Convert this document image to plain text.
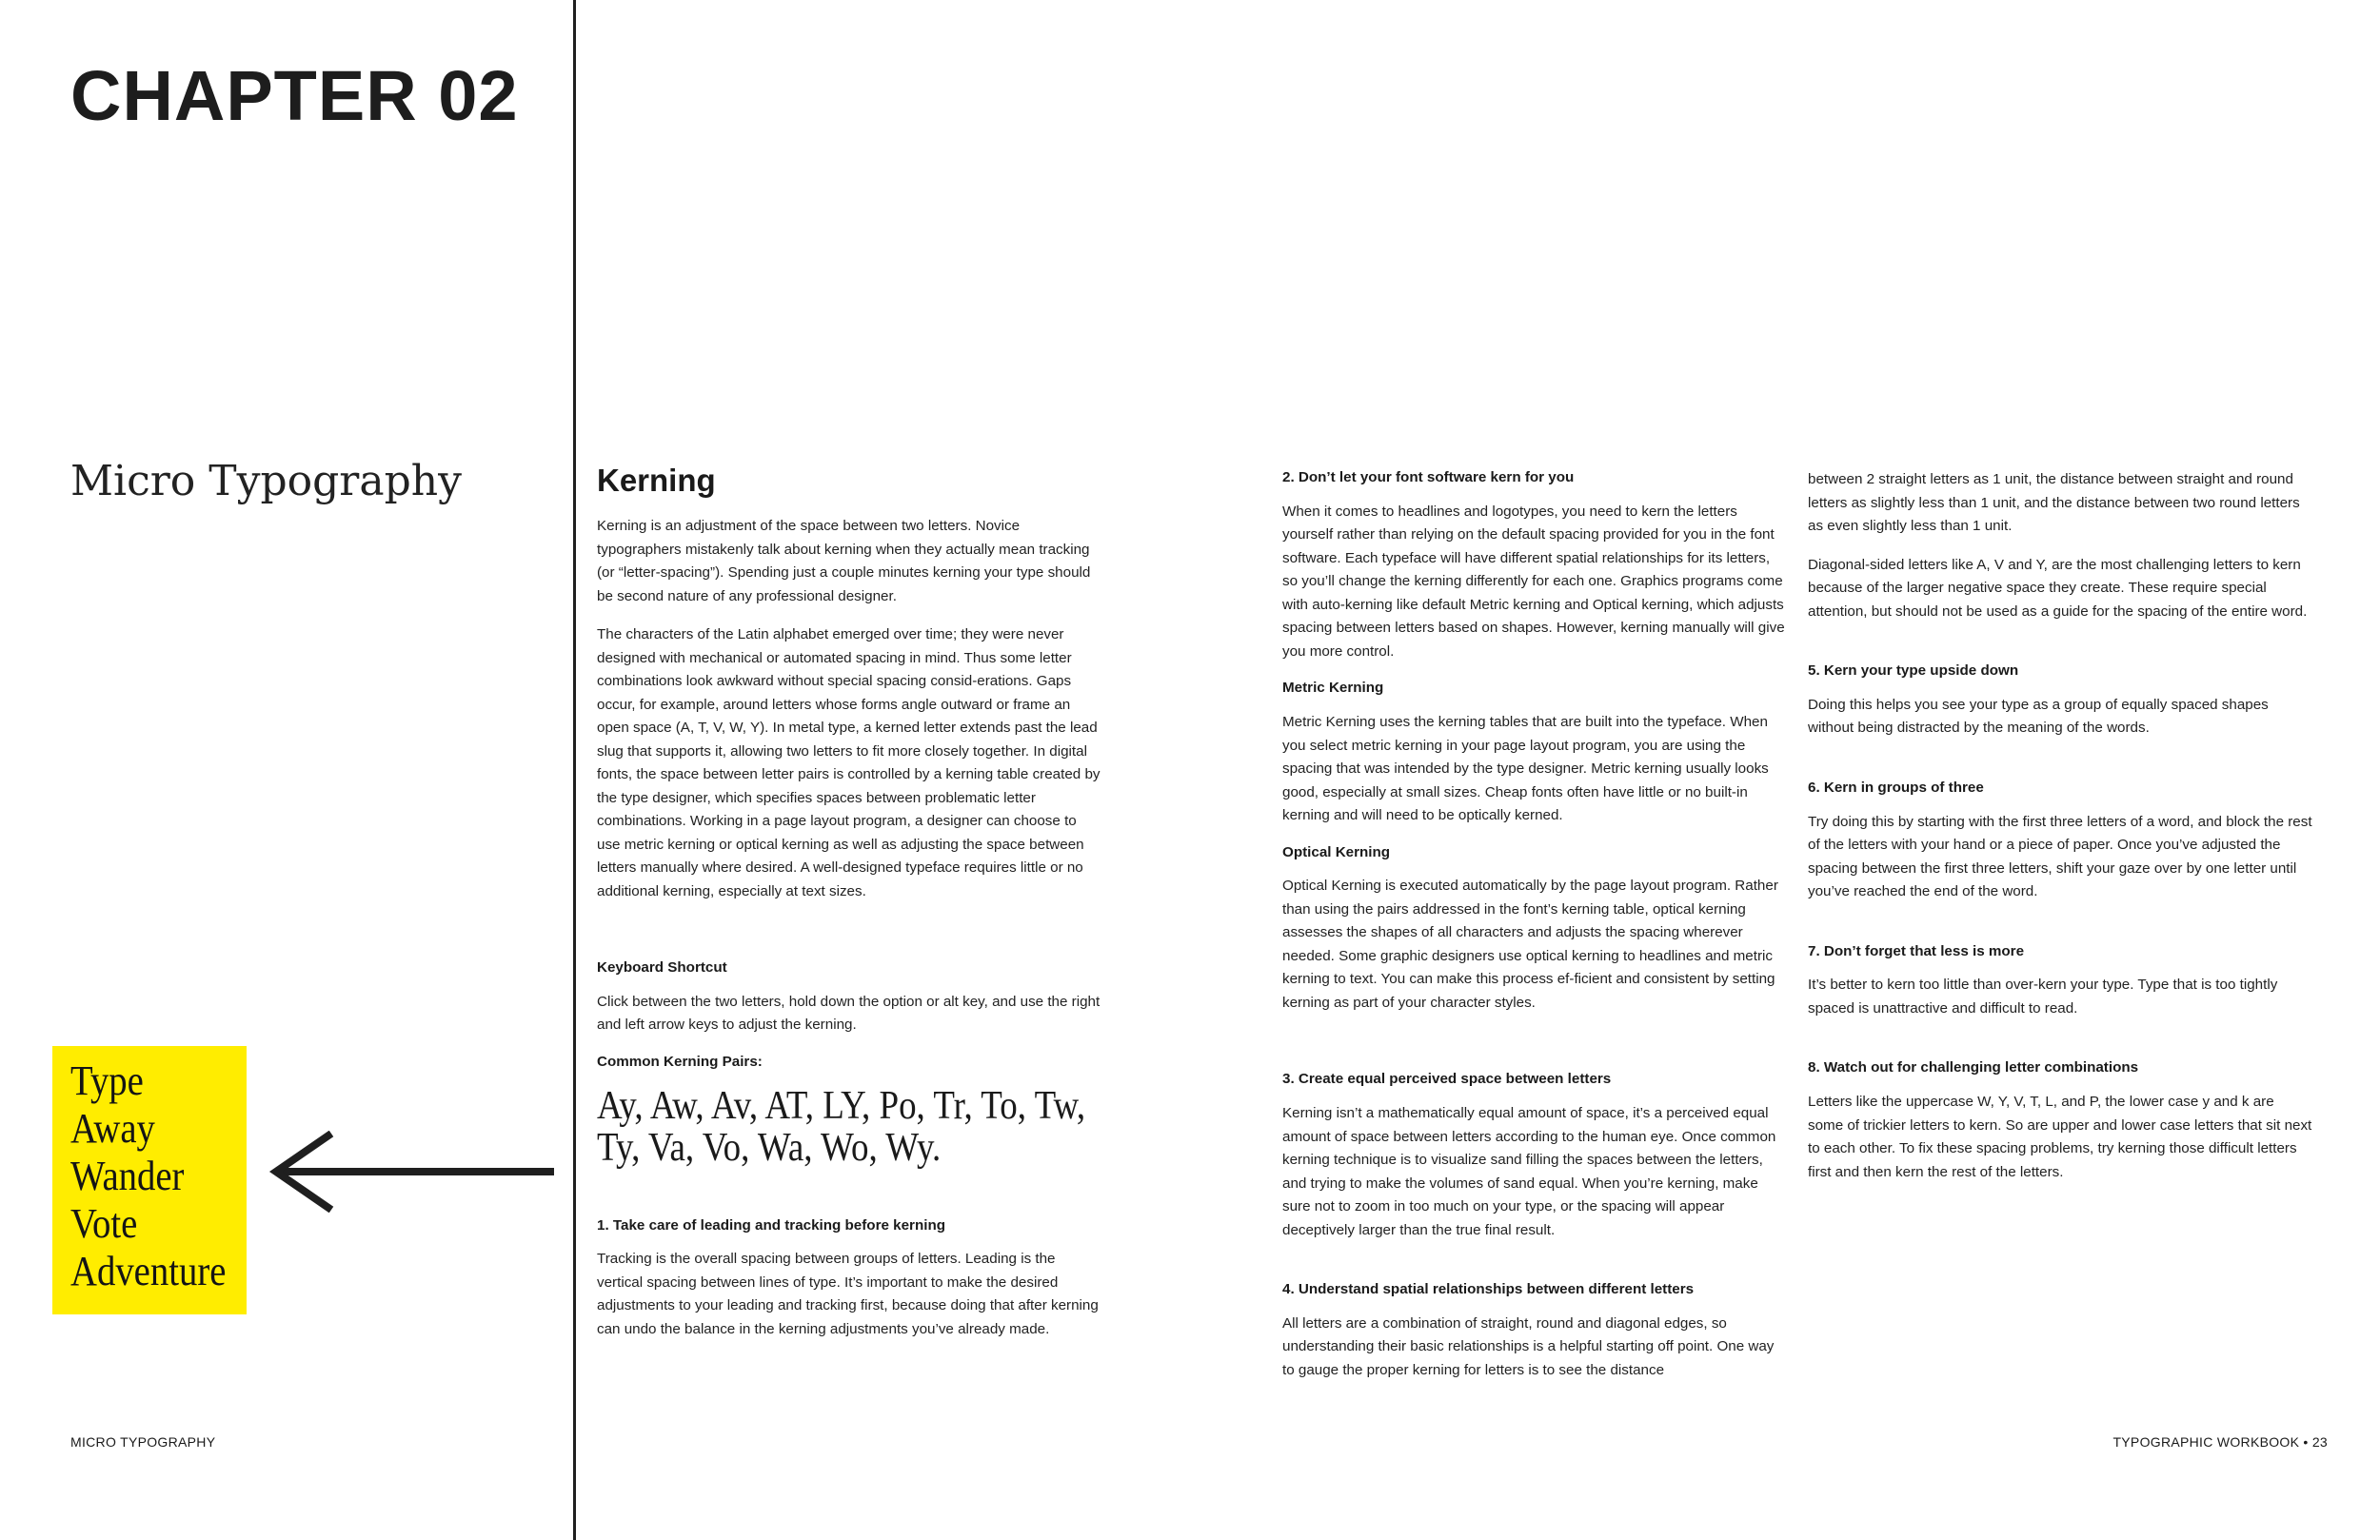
CHAPTER 02
Micro Typography
Type
Away
Wander
Vote
Adventure
MICRO TYPOGRAPHY	TYPOGRAPHIC WORKBOOK • 23
Kerning

Kerning is an adjustment of the space between two letters. Novice typographers mistakenly talk about kerning when they actually mean tracking (or “letter-spacing”). Spending just a couple minutes kerning your type should be second nature of any professional designer.

The characters of the Latin alphabet emerged over time; they were never designed with mechanical or automated spacing in mind. Thus some letter combinations look awkward without special spacing consid-erations. Gaps occur, for example, around letters whose forms angle outward or frame an open space (A, T, V, W, Y). In metal type, a kerned letter extends past the lead slug that supports it, allowing two letters to fit more closely together. In digital fonts, the space between letter pairs is controlled by a kerning table created by the type designer, which specifies spaces between problematic letter combinations. Working in a page layout program, a designer can choose to use metric kerning or optical kerning as well as adjusting the space between letters manually where desired. A well-designed typeface requires little or no additional kerning, especially at text sizes.

Keyboard Shortcut

Click between the two letters, hold down the option or alt key, and use the right and left arrow keys to adjust the kerning.

Common Kerning Pairs:
Ay, Aw, Av, AT, LY, Po, Tr, To, Tw,
Ty, Va, Vo, Wa, Wo, Wy.
1. Take care of leading and tracking before kerning

Tracking is the overall spacing between groups of letters. Leading is the vertical spacing between lines of type. It’s important to make the desired adjustments to your leading and tracking first, because doing that after kerning can undo the balance in the kerning adjustments you’ve already made.

2. Don’t let your font software kern for you

When it comes to headlines and logotypes, you need to kern the letters yourself rather than relying on the default spacing provided for you in the font software. Each typeface will have different spatial relationships for its letters, so you’ll change the kerning differently for each one. Graphics programs come with auto-kerning like default Metric kerning and Optical kerning, which adjusts spacing between letters based on shapes. However, kerning manually will give you more control.

Metric Kerning

Metric Kerning uses the kerning tables that are built into the typeface. When you select metric kerning in your page layout program, you are using the spacing that was intended by the type designer. Metric kerning usually looks good, especially at small sizes. Cheap fonts often have little or no built-in kerning and will need to be optically kerned.

Optical Kerning

Optical Kerning is executed automatically by the page layout program. Rather than using the pairs addressed in the font’s kerning table, optical kerning assesses the shapes of all characters and adjusts the spacing wherever needed. Some graphic designers use optical kerning to headlines and metric kerning to text. You can make this process ef-ficient and consistent by setting kerning as part of your character styles.

3. Create equal perceived space between letters

Kerning isn’t a mathematically equal amount of space, it’s a perceived equal amount of space between letters according to the human eye. Once common kerning technique is to visualize sand filling the spaces between the letters, and trying to make the volumes of sand equal. When you’re kerning, make sure not to zoom in too much on your type, or the spacing will appear deceptively larger than the true final result.

4. Understand spatial relationships between different letters

All letters are a combination of straight, round and diagonal edges, so understanding their basic relationships is a helpful starting off point. One way to gauge the proper kerning for letters is to see the distance

between 2 straight letters as 1 unit, the distance between straight and round letters as slightly less than 1 unit, and the distance between two round letters as even slightly less than 1 unit.

Diagonal-sided letters like A, V and Y, are the most challenging letters to kern because of the larger negative space they create. These require special attention, but should not be used as a guide for the spacing of the entire word.

5. Kern your type upside down

Doing this helps you see your type as a group of equally spaced shapes without being distracted by the meaning of the words.

6. Kern in groups of three

Try doing this by starting with the first three letters of a word, and block the rest of the letters with your hand or a piece of paper. Once you’ve adjusted the spacing between the first three letters, shift your gaze over by one letter until you’ve reached the end of the word.

7. Don’t forget that less is more

It’s better to kern too little than over-kern your type. Type that is too tightly spaced is unattractive and difficult to read.

8. Watch out for challenging letter combinations

Letters like the uppercase W, Y, V, T, L, and P, the lower case y and k are some of trickier letters to kern. So are upper and lower case letters that sit next to each other. To fix these spacing problems, try kerning those difficult letters first and then kern the rest of the letters.
